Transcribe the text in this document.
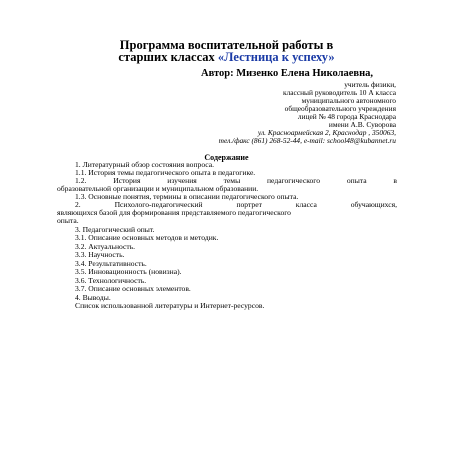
Программа воспитательной работы в
старших классах «Лестница к успеху»
Автор: Мизенко Елена Николаевна,
учитель физики,
классный руководитель 10 А класса
муниципального автономного
общеобразовательного учреждения
лицей № 48 города Краснодара
имени А.В. Суворова
ул. Красноармейская 2, Краснодар , 350063,
тел./факс (861) 268-52-44, e-mail: school48@kubannet.ru
Содержание
1. Литературный обзор состояния вопроса.
1.1. История темы педагогического опыта в педагогике.
1.2. История изучения темы педагогического опыта в
образовательной организации и муниципальном образовании.
1.3. Основные понятия, термины в описании педагогического опыта.
2. Психолого-педагогический портрет класса обучающихся,
являющихся базой для формирования представляемого педагогического
опыта.
3. Педагогический опыт.
3.1. Описание основных методов и методик.
3.2. Актуальность.
3.3. Научность.
3.4. Результативность.
3.5. Инновационность (новизна).
3.6. Технологичность.
3.7. Описание основных элементов.
4. Выводы.
Список использованной литературы и Интернет-ресурсов.
